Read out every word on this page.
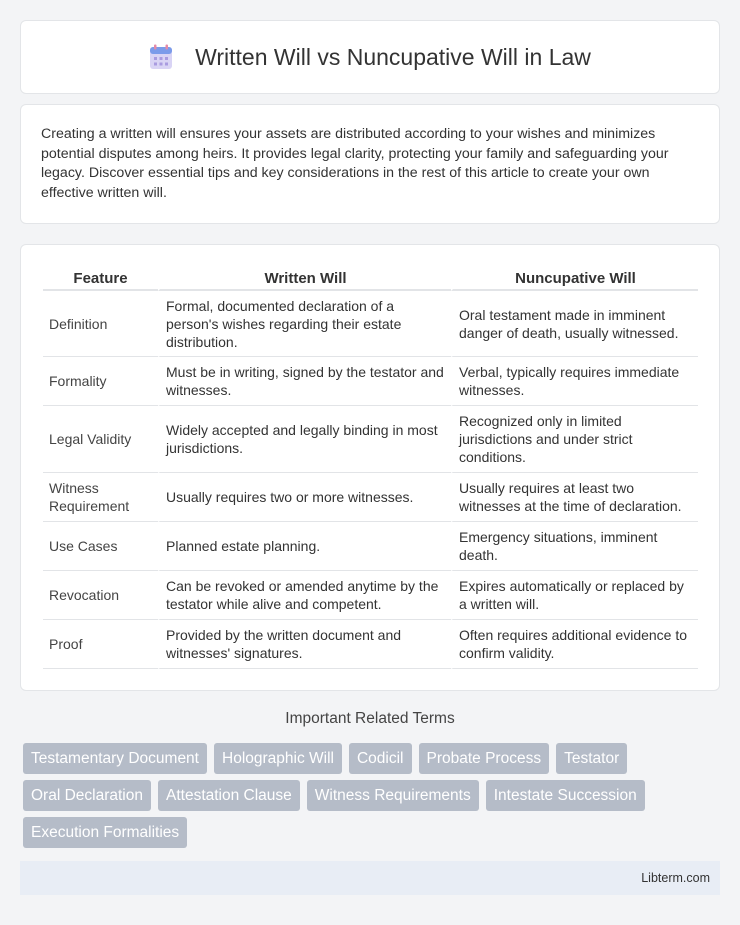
Written Will vs Nuncupative Will in Law

Creating a written will ensures your assets are distributed according to your wishes and minimizes potential disputes among heirs. It provides legal clarity, protecting your family and safeguarding your legacy. Discover essential tips and key considerations in the rest of this article to create your own effective written will.

Feature	Written Will	Nuncupative Will
Definition	Formal, documented declaration of a person's wishes regarding their estate distribution.	Oral testament made in imminent danger of death, usually witnessed.
Formality	Must be in writing, signed by the testator and witnesses.	Verbal, typically requires immediate witnesses.
Legal Validity	Widely accepted and legally binding in most jurisdictions.	Recognized only in limited jurisdictions and under strict conditions.
Witness Requirement	Usually requires two or more witnesses.	Usually requires at least two witnesses at the time of declaration.
Use Cases	Planned estate planning.	Emergency situations, imminent death.
Revocation	Can be revoked or amended anytime by the testator while alive and competent.	Expires automatically or replaced by a written will.
Proof	Provided by the written document and witnesses' signatures.	Often requires additional evidence to confirm validity.
Important Related Terms
Testamentary Document	Holographic Will	Codicil	Probate Process	Testator
Oral Declaration	Attestation Clause	Witness Requirements	Intestate Succession
Execution Formalities
Libterm.com
